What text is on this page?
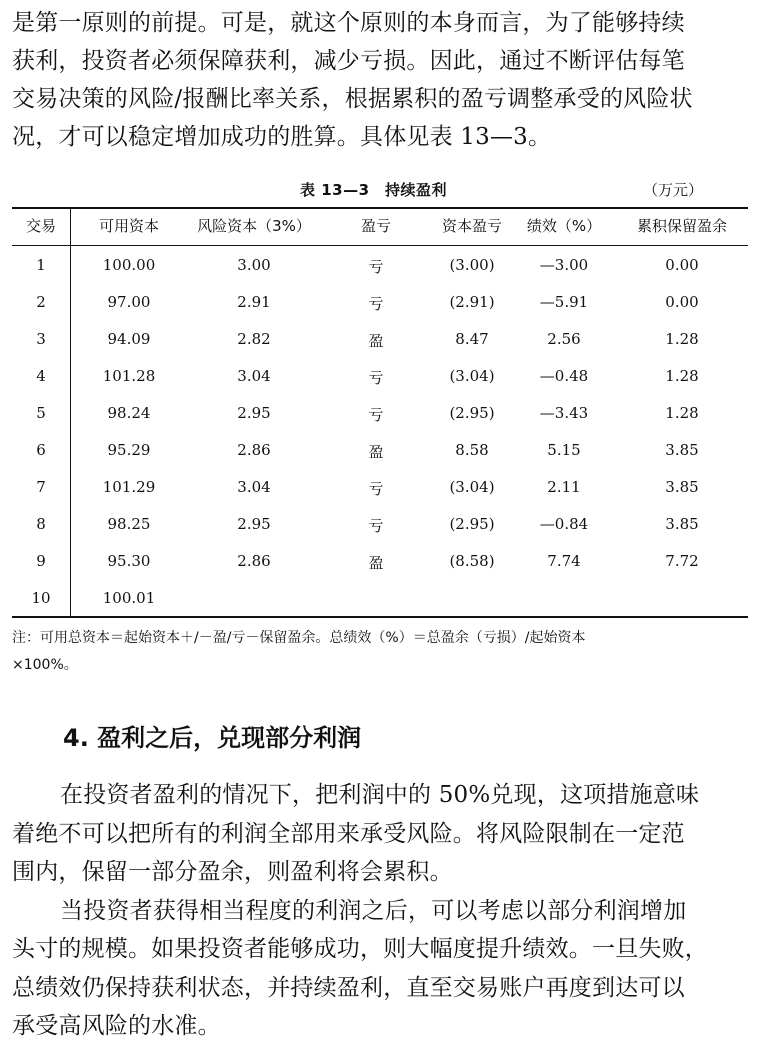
是第一原则的前提。可是，就这个原则的本身而言，为了能够持续
获利，投资者必须保障获利，减少亏损。因此，通过不断评估每笔
交易决策的风险/报酬比率关系，根据累积的盈亏调整承受的风险状
况，才可以稳定增加成功的胜算。具体见表 13—3。
表 13—3　持续盈利	（万元）
交易	可用资本	风险资本（3%）	盈亏	资本盈亏	绩效（%）	累积保留盈余
1	100.00	3.00	亏	(3.00)	—3.00	0.00
2	97.00	2.91	亏	(2.91)	—5.91	0.00
3	94.09	2.82	盈	8.47	2.56	1.28
4	101.28	3.04	亏	(3.04)	—0.48	1.28
5	98.24	2.95	亏	(2.95)	—3.43	1.28
6	95.29	2.86	盈	8.58	5.15	3.85
7	101.29	3.04	亏	(3.04)	2.11	3.85
8	98.25	2.95	亏	(2.95)	—0.84	3.85
9	95.30	2.86	盈	(8.58)	7.74	7.72
10	100.01
注：可用总资本＝起始资本＋/－盈/亏－保留盈余。总绩效（%）＝总盈余（亏损）/起始资本
×100%。
4. 盈利之后，兑现部分利润
在投资者盈利的情况下，把利润中的 50%兑现，这项措施意味
着绝不可以把所有的利润全部用来承受风险。将风险限制在一定范
围内，保留一部分盈余，则盈利将会累积。
当投资者获得相当程度的利润之后，可以考虑以部分利润增加
头寸的规模。如果投资者能够成功，则大幅度提升绩效。一旦失败，
总绩效仍保持获利状态，并持续盈利，直至交易账户再度到达可以
承受高风险的水准。
